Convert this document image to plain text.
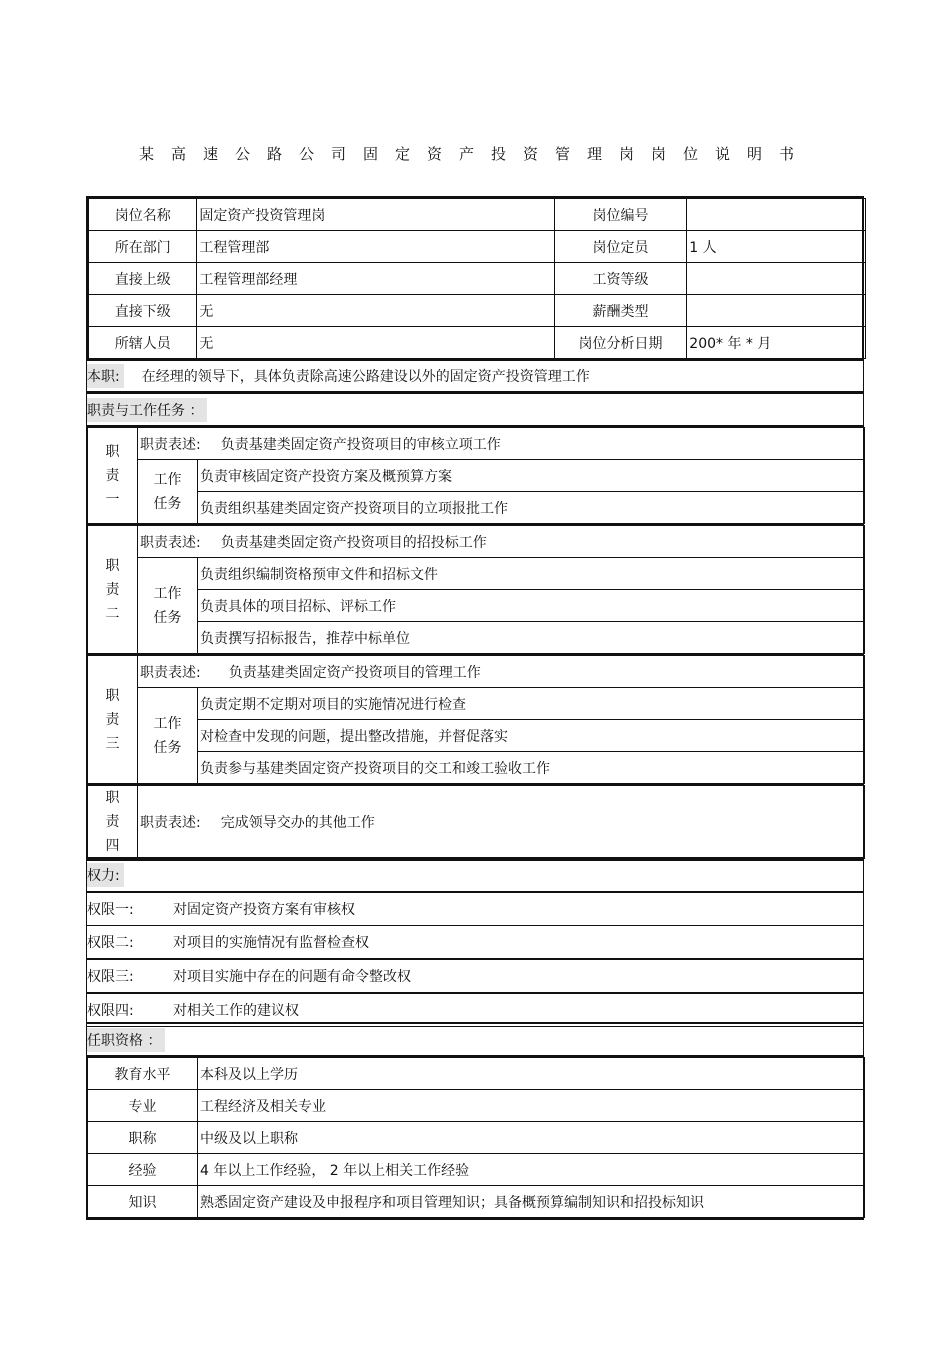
某高速公路公司固定资产投资管理岗岗位说明书
岗位名称	固定资产投资管理岗	岗位编号	
所在部门	工程管理部	岗位定员	1 人
直接上级	工程管理部经理	工资等级	
直接下级	无	薪酬类型	
所辖人员	无	岗位分析日期	200* 年 * 月
本职: 在经理的领导下，具体负责除高速公路建设以外的固定资产投资管理工作
职责与工作任务 ：
职
责
一	职责表述: 负责基建类固定资产投资项目的审核立项工作	

	工作
任务	负责审核固定资产投资方案及概预算方案
		负责组织基建类固定资产投资项目的立项报批工作
职
责
二	职责表述: 负责基建类固定资产投资项目的招投标工作	

	工作
任务	负责组织编制资格预审文件和招标文件
		负责具体的项目招标、评标工作
		负责撰写招标报告，推荐中标单位
职
责
三	职责表述: 负责基建类固定资产投资项目的管理工作	

	工作
任务	负责定期不定期对项目的实施情况进行检查
		对检查中发现的问题，提出整改措施，并督促落实
		负责参与基建类固定资产投资项目的交工和竣工验收工作
职
责
四
	职责表述: 完成领导交办的其他工作
权力:
权限一:	对固定资产投资方案有审核权
权限二:	对项目的实施情况有监督检查权
权限三:	对项目实施中存在的问题有命令整改权
权限四:	对相关工作的建议权
任职资格 ：
教育水平	本科及以上学历
专业	工程经济及相关专业
职称	中级及以上职称
经验	4 年以上工作经验， 2 年以上相关工作经验
知识	熟悉固定资产建设及申报程序和项目管理知识；具备概预算编制知识和招投标知识
